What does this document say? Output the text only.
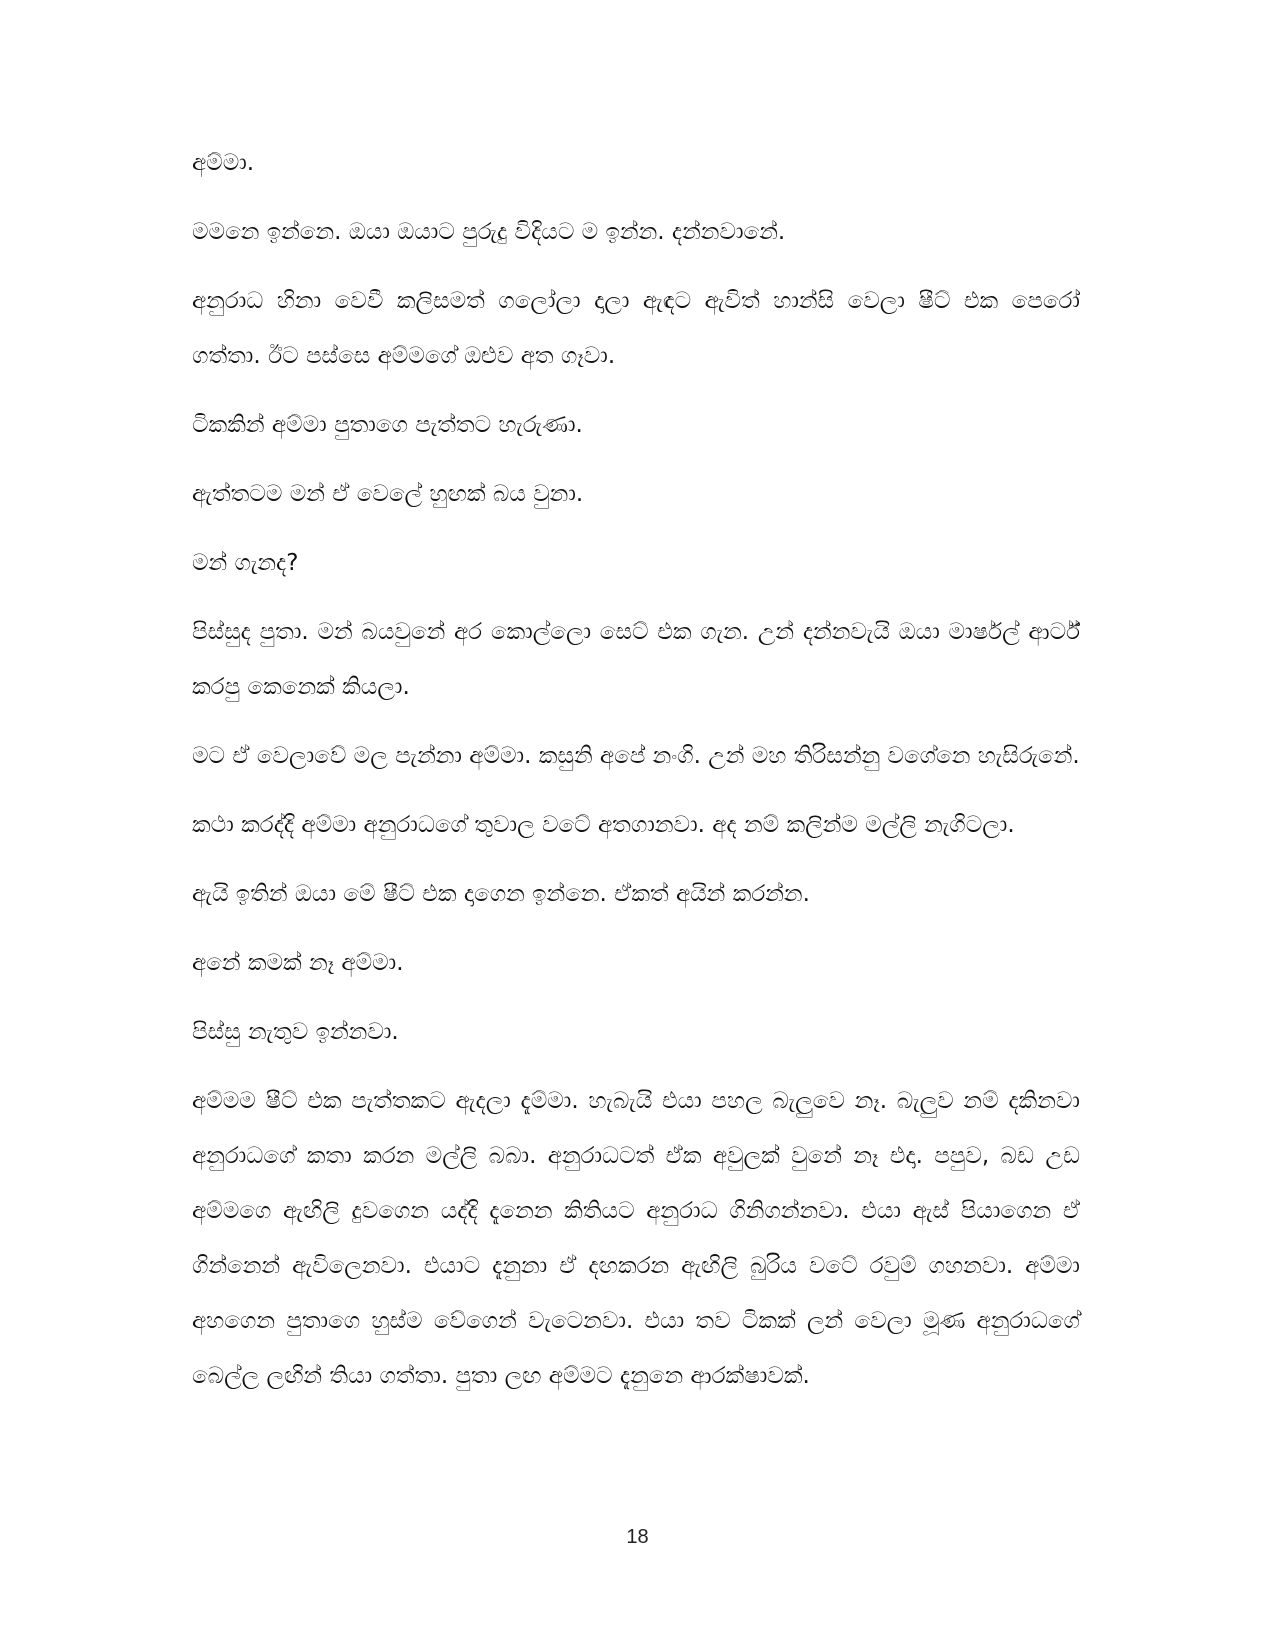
අම්මා.

මමනෙ ඉන්නෙ. ඔයා ඔයාට පුරුදු විදියට ම ඉන්න. දන්නවානේ.

අනුරාධ හිනා වෙවී කලිසමත් ගලෝලා දාලා ඇඳට ඇවිත් හාන්සි වෙලා ෂීට් එක පෙරෝ ගත්තා. ඊට පස්සෙ අම්මගේ ඔළුව අත ගෑවා.

ටිකකින් අම්මා පුතාගෙ පැත්තට හැරුණා.

ඇත්තටම මන් ඒ වෙලේ හුඟක් බය වුනා.

මන් ගැනද?

පිස්සුද පුතා. මන් බයවුනේ අර කොල්ලො සෙට් එක ගැන. උන් දන්නවැයි ඔයා මාර්ෂල් ආර්ට් කරපු කෙනෙක් කියලා.

මට ඒ වෙලාවේ මල පැන්නා අම්මා. කසුනි අපේ නංගි. උන් මහ තිරිසන්නු වගේනෙ හැසිරුනේ.

කථා කරද්දි අම්මා අනුරාධගේ තුවාල වටේ අතගානවා. අද නම් කලින්ම මල්ලි නැගිටලා.

ඇයි ඉතින් ඔයා මේ ෂීට් එක දාගෙන ඉන්නෙ. ඒකත් අයින් කරන්න.

අනේ කමක් නෑ අම්මා.

පිස්සු නැතුව ඉන්නවා.

අම්මම ෂීට් එක පැත්තකට ඇදලා දැම්මා. හැබැයි එයා පහල බැලුවෙ නෑ. බැලුව නම් දකිනවා අනුරාධගේ කතා කරන මල්ලි බබා. අනුරාධටත් ඒක අවුලක් වුනේ නෑ එදා. පපුව, බඩ උඩ අම්මගෙ ඇඟිලි දුවගෙන යද්දි දැනෙන කිතියට අනුරාධ ගිනිගන්නවා. එයා ඇස් පියාගෙන ඒ ගින්නෙන් ඇවිලෙනවා. එයාට දැනුනා ඒ දඟකරන ඇඟිලි බුරිය වටේ රවුම් ගහනවා. අම්මා අහගෙන පුතාගෙ හුස්ම වේගෙන් වැටෙනවා. එයා තව ටිකක් ලන් වෙලා මූණ අනුරාධගේ බෙල්ල ලඟින් තියා ගත්තා. පුතා ලඟ අම්මට දැනුනෙ ආරක්ෂාවක්.

18
